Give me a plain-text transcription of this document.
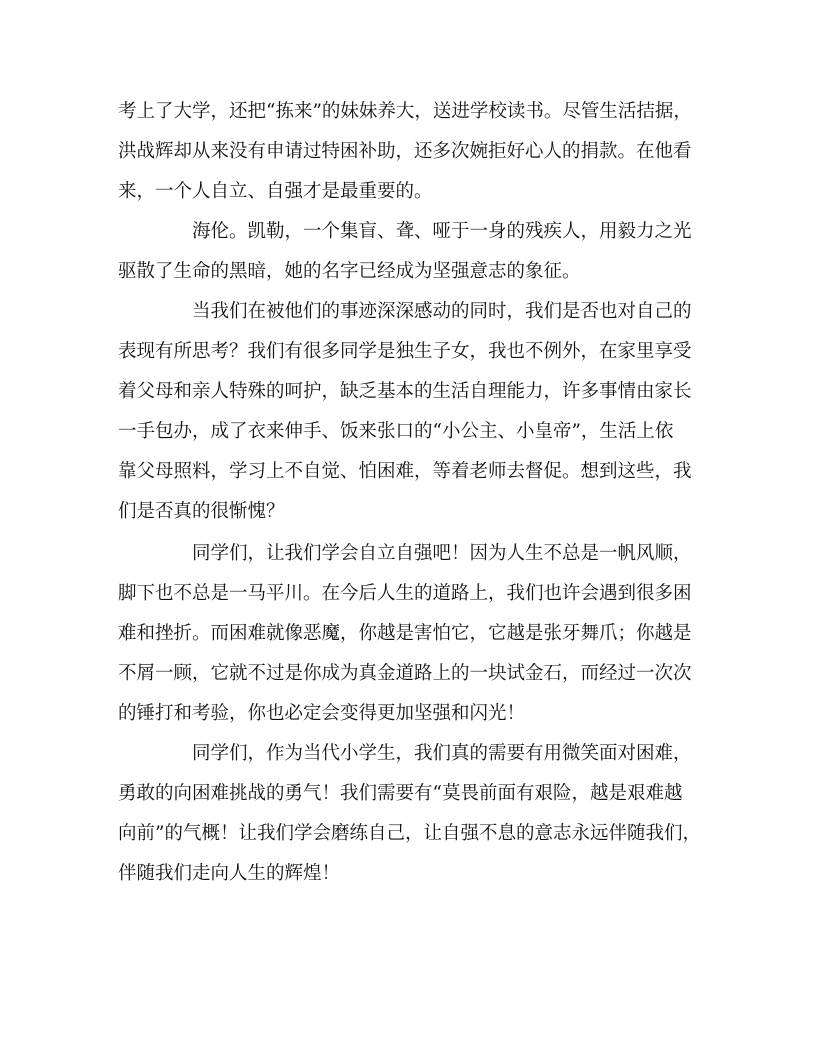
考上了大学，还把“拣来”的妹妹养大，送进学校读书。尽管生活拮据，

洪战辉却从来没有申请过特困补助，还多次婉拒好心人的捐款。在他看

来，一个人自立、自强才是最重要的。

海伦。凯勒，一个集盲、聋、哑于一身的残疾人，用毅力之光

驱散了生命的黑暗，她的名字已经成为坚强意志的象征。

当我们在被他们的事迹深深感动的同时，我们是否也对自己的

表现有所思考？我们有很多同学是独生子女，我也不例外，在家里享受

着父母和亲人特殊的呵护，缺乏基本的生活自理能力，许多事情由家长

一手包办，成了衣来伸手、饭来张口的“小公主、小皇帝”，生活上依

靠父母照料，学习上不自觉、怕困难，等着老师去督促。想到这些，我

们是否真的很惭愧？

同学们，让我们学会自立自强吧！因为人生不总是一帆风顺，

脚下也不总是一马平川。在今后人生的道路上，我们也许会遇到很多困

难和挫折。而困难就像恶魔，你越是害怕它，它越是张牙舞爪；你越是

不屑一顾，它就不过是你成为真金道路上的一块试金石，而经过一次次

的锤打和考验，你也必定会变得更加坚强和闪光！

同学们，作为当代小学生，我们真的需要有用微笑面对困难，

勇敢的向困难挑战的勇气！我们需要有“莫畏前面有艰险，越是艰难越

向前”的气概！让我们学会磨练自己，让自强不息的意志永远伴随我们，

伴随我们走向人生的辉煌！
